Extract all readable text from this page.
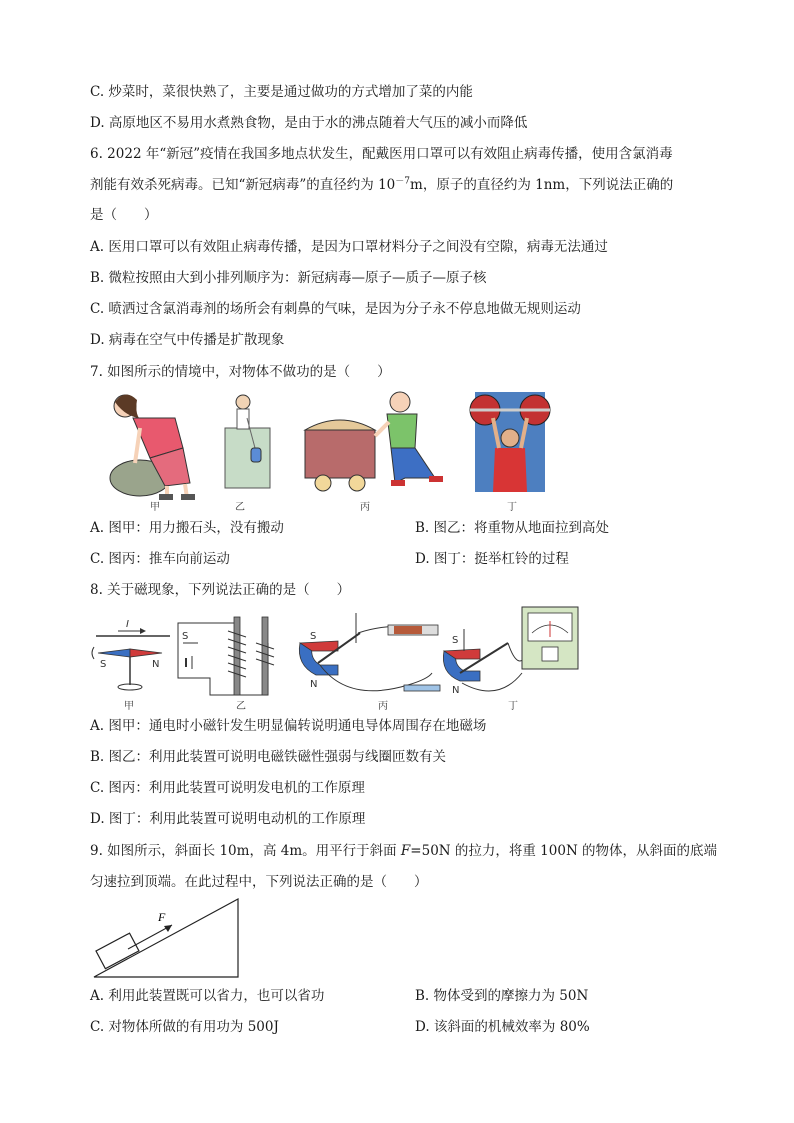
C. 炒菜时，菜很快熟了，主要是通过做功的方式增加了菜的内能
D. 高原地区不易用水煮熟食物，是由于水的沸点随着大气压的减小而降低
6. 2022 年“新冠”疫情在我国多地点状发生，配戴医用口罩可以有效阻止病毒传播，使用含氯消毒
剂能有效杀死病毒。已知“新冠病毒”的直径约为 $10^{-7}m$，原子的直径约为 1nm，下列说法正确的
是（　　）
A. 医用口罩可以有效阻止病毒传播，是因为口罩材料分子之间没有空隙，病毒无法通过
B. 微粒按照由大到小排列顺序为：新冠病毒—原子—质子—原子核
C. 喷洒过含氯消毒剂的场所会有刺鼻的气味，是因为分子永不停息地做无规则运动
D. 病毒在空气中传播是扩散现象
7. 如图所示的情境中，对物体不做功的是（　　）
甲	乙	丙	丁
A. 图甲：用力搬石头，没有搬动	B. 图乙：将重物从地面拉到高处
C. 图丙：推车向前运动	D. 图丁：挺举杠铃的过程
8. 关于磁现象，下列说法正确的是（　　）
I
S	N
甲
S
乙
S
N
丙
S
N
丁
A. 图甲：通电时小磁针发生明显偏转说明通电导体周围存在地磁场
B. 图乙：利用此装置可说明电磁铁磁性强弱与线圈匝数有关
C. 图丙：利用此装置可说明发电机的工作原理
D. 图丁：利用此装置可说明电动机的工作原理
9. 如图所示，斜面长 10m，高 4m。用平行于斜面 F=50N 的拉力，将重 100N 的物体，从斜面的底端
匀速拉到顶端。在此过程中，下列说法正确的是（　　）
F
A. 利用此装置既可以省力，也可以省功	B. 物体受到的摩擦力为 50N
C. 对物体所做的有用功为 500J	D. 该斜面的机械效率为 80%
